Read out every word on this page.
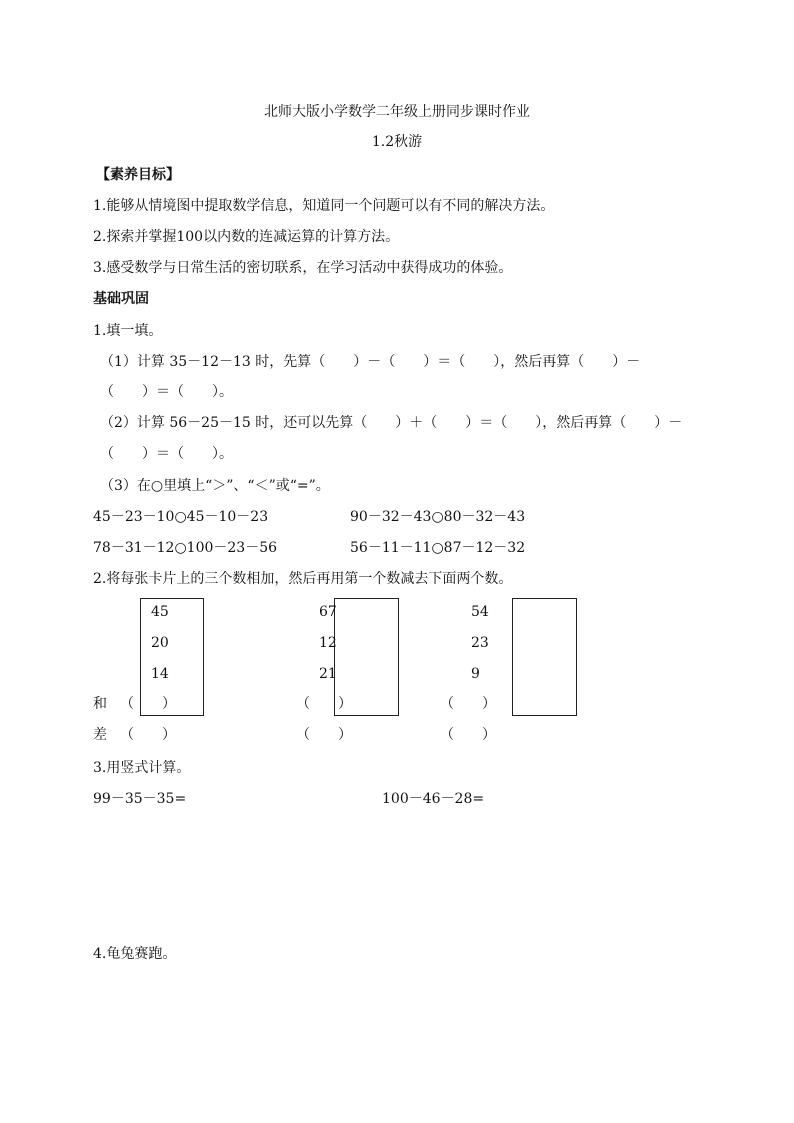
北师大版小学数学二年级上册同步课时作业
1.2秋游
【素养目标】
1.能够从情境图中提取数学信息，知道同一个问题可以有不同的解决方法。
2.探索并掌握100以内数的连减运算的计算方法。
3.感受数学与日常生活的密切联系，在学习活动中获得成功的体验。
基础巩固
1.填一填。
（1）计算 35－12－13 时，先算（　　）－（　　）＝（　　），然后再算（　　）－
（　　）＝（　　）。
（2）计算 56－25－15 时，还可以先算（　　）＋（　　）＝（　　），然后再算（　　）－
（　　）＝（　　）。
（3）在○里填上“＞”、“＜”或“=”。
45－23－10○45－10－23	90－32－43○80－32－43
78－31－12○100－23－56	56－11－11○87－12－32
2.将每张卡片上的三个数相加，然后再用第一个数减去下面两个数。
45
20
14
67
12
21
54
23
9
和 （　　）	（　　）	（　　）
差 （　　）	（　　）	（　　）
3.用竖式计算。
99－35－35=	100－46－28=
4.龟兔赛跑。
